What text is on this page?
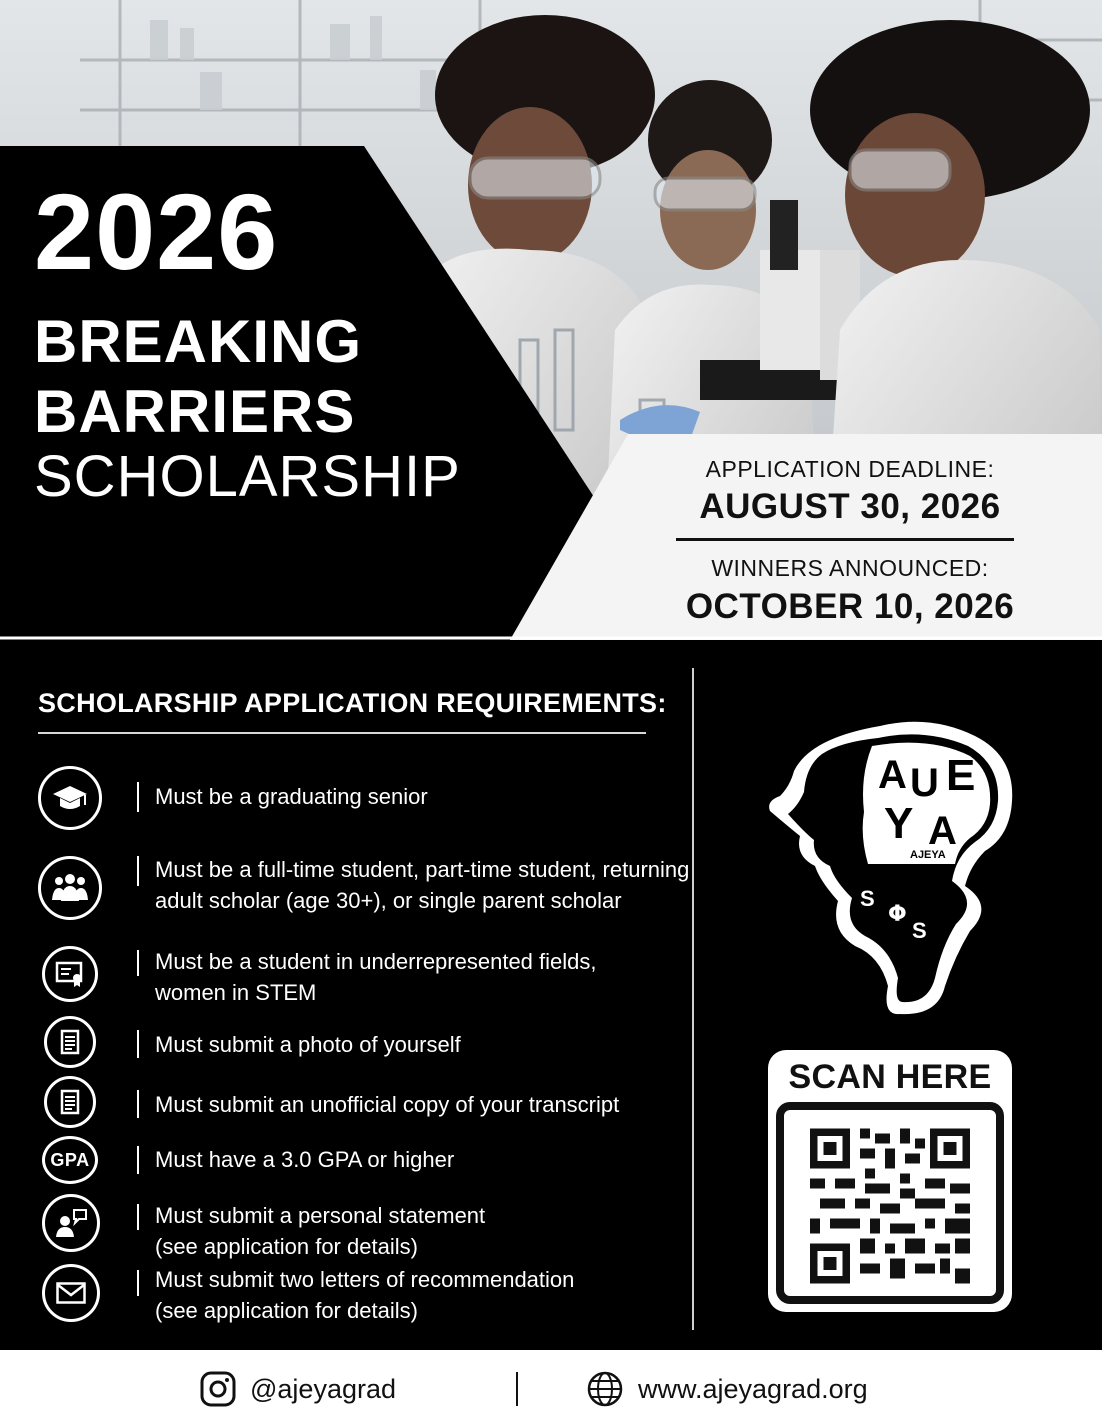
2026
BREAKING
BARRIERS
SCHOLARSHIP	APPLICATION DEADLINE:
AUGUST 30, 2026
WINNERS ANNOUNCED:
OCTOBER 10, 2026
SCHOLARSHIP APPLICATION REQUIREMENTS:
Must be a graduating senior
Must be a full-time student, part-time student, returning
adult scholar (age 30+), or single parent scholar
Must be a student in underrepresented fields,
women in STEM
Must submit a photo of yourself
Must submit an unofficial copy of your transcript
GPA	Must have a 3.0 GPA or higher
Must submit a personal statement
(see application for details)
Must submit two letters of recommendation
(see application for details)
A U E
Y A
AJEYA
S
Φ
S
SCAN HERE
@ajeyagrad	www.ajeyagrad.org
